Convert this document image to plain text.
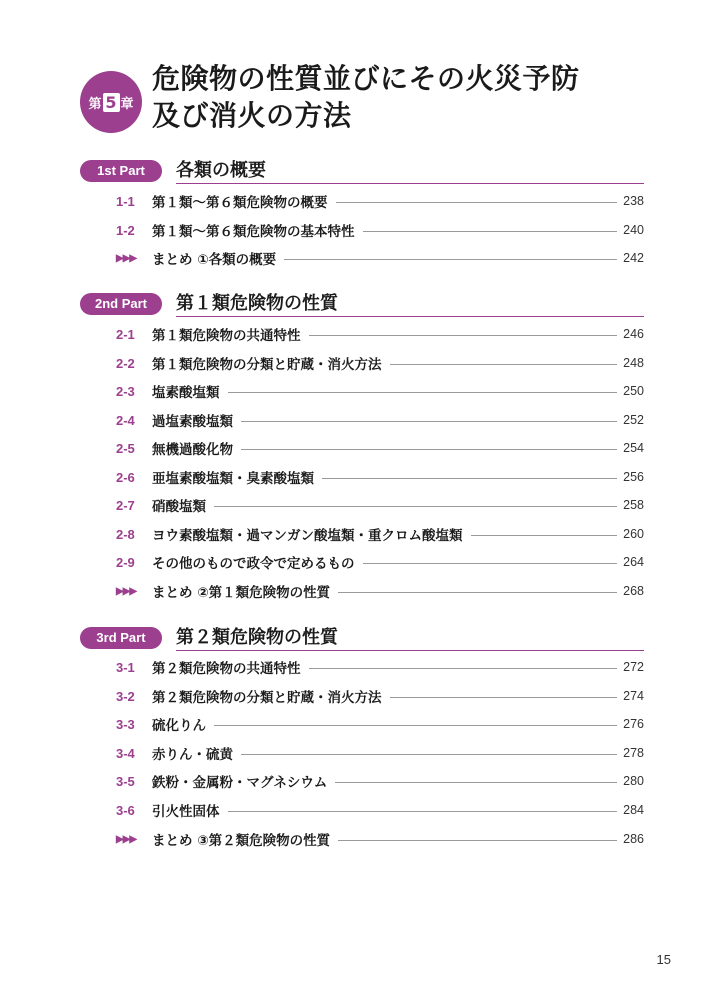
第 5 章
危険物の性質並びにその火災予防
及び消火の方法
1st Part	各類の概要
1-1	第１類～第６類危険物の概要	238
1-2	第１類～第６類危険物の基本特性	240
▶▶▶	まとめ ①各類の概要	242
2nd Part	第１類危険物の性質
2-1	第１類危険物の共通特性	246
2-2	第１類危険物の分類と貯蔵・消火方法	248
2-3	塩素酸塩類	250
2-4	過塩素酸塩類	252
2-5	無機過酸化物	254
2-6	亜塩素酸塩類・臭素酸塩類	256
2-7	硝酸塩類	258
2-8	ヨウ素酸塩類・過マンガン酸塩類・重クロム酸塩類	260
2-9	その他のもので政令で定めるもの	264
▶▶▶	まとめ ②第１類危険物の性質	268
3rd Part	第２類危険物の性質
3-1	第２類危険物の共通特性	272
3-2	第２類危険物の分類と貯蔵・消火方法	274
3-3	硫化りん	276
3-4	赤りん・硫黄	278
3-5	鉄粉・金属粉・マグネシウム	280
3-6	引火性固体	284
▶▶▶	まとめ ③第２類危険物の性質	286
15
